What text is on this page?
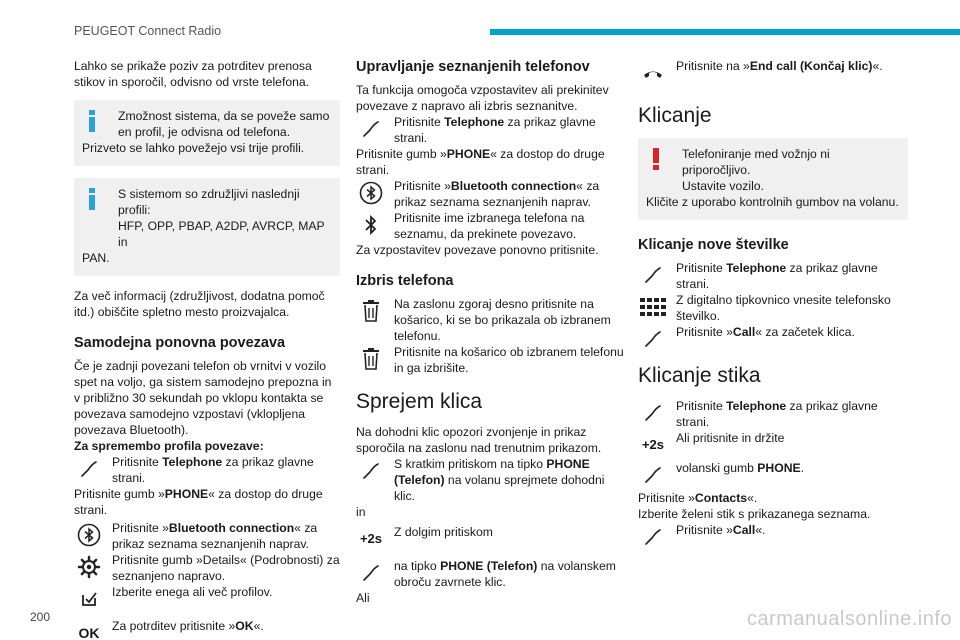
PEUGEOT Connect Radio

Lahko se prikaže poziv za potrditev prenosa stikov in sporočil, odvisno od vrste telefona.

Zmožnost sistema, da se poveže samo
en profil, je odvisna od telefona.
Prizveto se lahko povežejo vsi trije profili.
S sistemom so združljivi naslednji profili:
HFP, OPP, PBAP, A2DP, AVRCP, MAP in
PAN.

Za več informacij (združljivost, dodatna pomoč itd.) obiščite spletno mesto proizvajalca.

Samodejna ponovna povezava

Če je zadnji povezani telefon ob vrnitvi v vozilo spet na voljo, ga sistem samodejno prepozna in v približno 30 sekundah po vklopu kontakta se povezava samodejno vzpostavi (vklopljena povezava Bluetooth).

Za spremembo profila povezave:

Pritisnite Telephone za prikaz glavne strani.

Pritisnite gumb »PHONE« za dostop do druge strani.

Pritisnite »Bluetooth connection« za prikaz seznama seznanjenih naprav.
Pritisnite gumb »Details« (Podrobnosti) za seznanjeno napravo.
Izberite enega ali več profilov.
OK Za potrditev pritisnite »OK«.
Upravljanje seznanjenih telefonov

Ta funkcija omogoča vzpostavitev ali prekinitev povezave z napravo ali izbris seznanitve.

Pritisnite Telephone za prikaz glavne strani.

Pritisnite gumb »PHONE« za dostop do druge strani.

Pritisnite »Bluetooth connection« za prikaz seznama seznanjenih naprav.
Pritisnite ime izbranega telefona na seznamu, da prekinete povezavo.

Za vzpostavitev povezave ponovno pritisnite.

Izbris telefona
Na zaslonu zgoraj desno pritisnite na košarico, ki se bo prikazala ob izbranem telefonu.
Pritisnite na košarico ob izbranem telefonu in ga izbrišite.
Sprejem klica

Na dohodni klic opozori zvonjenje in prikaz sporočila na zaslonu nad trenutnim prikazom.

S kratkim pritiskom na tipko PHONE (Telefon) na volanu sprejmete dohodni klic.

in

+2s Z dolgim pritiskom
na tipko PHONE (Telefon) na volanskem obroču zavrnete klic.

Ali

Pritisnite na »End call (Končaj klic)«.
Klicanje
Telefoniranje med vožnjo ni priporočljivo.
Ustavite vozilo.
Kličite z uporabo kontrolnih gumbov na volanu.
Klicanje nove številke
Pritisnite Telephone za prikaz glavne strani.
Z digitalno tipkovnico vnesite telefonsko številko.
Pritisnite »Call« za začetek klica.
Klicanje stika
Pritisnite Telephone za prikaz glavne strani.
+2s Ali pritisnite in držite
volanski gumb PHONE.

Pritisnite »Contacts«.

Izberite želeni stik s prikazanega seznama.

Pritisnite »Call«.
200	carmanualsonline.info
